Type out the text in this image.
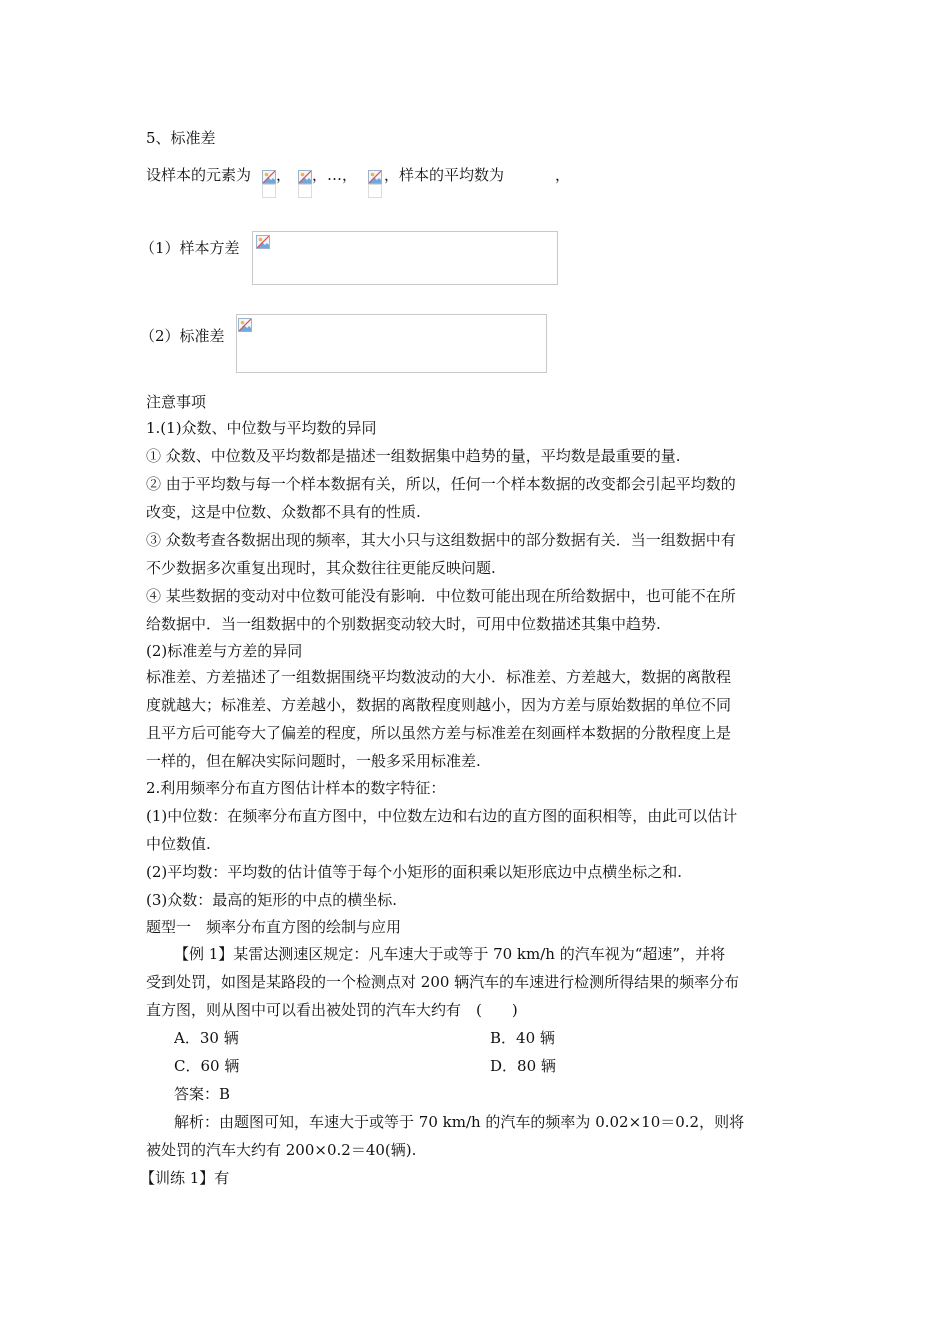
5、标准差
设样本的元素为 ， ，…， ，样本的平均数为	，
（1）样本方差
（2）标准差
注意事项
1.(1)众数、中位数与平均数的异同
① 众数、中位数及平均数都是描述一组数据集中趋势的量，平均数是最重要的量.
② 由于平均数与每一个样本数据有关，所以，任何一个样本数据的改变都会引起平均数的
改变，这是中位数、众数都不具有的性质.
③ 众数考查各数据出现的频率，其大小只与这组数据中的部分数据有关．当一组数据中有
不少数据多次重复出现时，其众数往往更能反映问题.
④ 某些数据的变动对中位数可能没有影响．中位数可能出现在所给数据中，也可能不在所
给数据中．当一组数据中的个别数据变动较大时，可用中位数描述其集中趋势.
(2)标准差与方差的异同
标准差、方差描述了一组数据围绕平均数波动的大小．标准差、方差越大，数据的离散程
度就越大；标准差、方差越小，数据的离散程度则越小，因为方差与原始数据的单位不同
且平方后可能夸大了偏差的程度，所以虽然方差与标准差在刻画样本数据的分散程度上是
一样的，但在解决实际问题时，一般多采用标准差.
2.利用频率分布直方图估计样本的数字特征：
(1)中位数：在频率分布直方图中，中位数左边和右边的直方图的面积相等，由此可以估计
中位数值.
(2)平均数：平均数的估计值等于每个小矩形的面积乘以矩形底边中点横坐标之和.
(3)众数：最高的矩形的中点的横坐标.
题型一　频率分布直方图的绘制与应用
【例 1】某雷达测速区规定：凡车速大于或等于 70 km/h 的汽车视为“超速”，并将
受到处罚，如图是某路段的一个检测点对 200 辆汽车的车速进行检测所得结果的频率分布
直方图，则从图中可以看出被处罚的汽车大约有　(　　)
A．30 辆	B．40 辆
C．60 辆	D．80 辆
答案：B
解析：由题图可知，车速大于或等于 70 km/h 的汽车的频率为 0.02×10＝0.2，则将
被处罚的汽车大约有 200×0.2＝40(辆).
【训练 1】有
